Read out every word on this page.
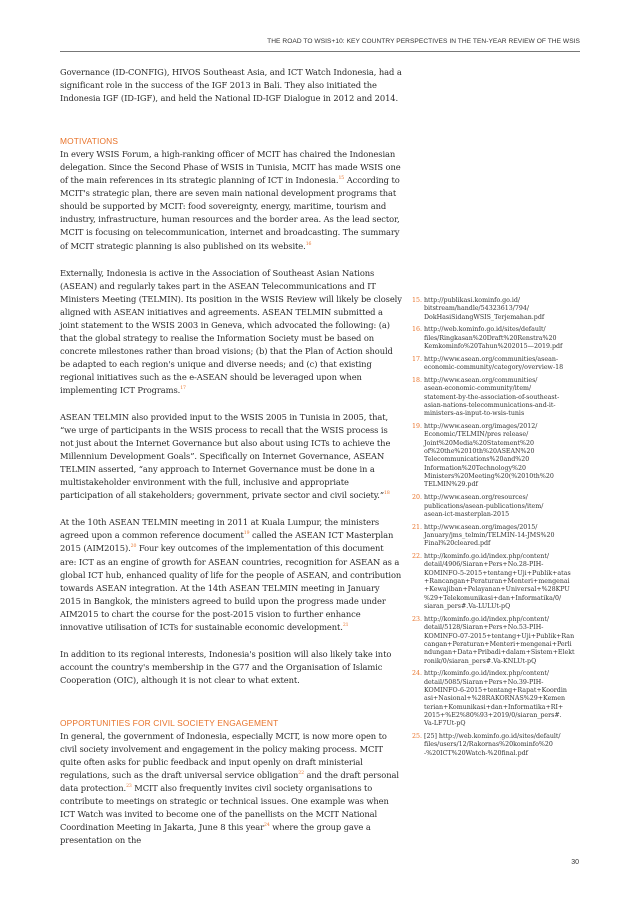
THE ROAD TO WSIS+10: KEY COUNTRY PERSPECTIVES IN THE TEN-YEAR REVIEW OF THE WSIS

Governance (ID-CONFIG), HIVOS Southeast Asia, and ICT Watch Indonesia, had a significant role in the success of the IGF 2013 in Bali. They also initiated the Indonesia IGF (ID-IGF), and held the National ID-IGF Dialogue in 2012 and 2014.

MOTIVATIONS

In every WSIS Forum, a high-ranking officer of MCIT has chaired the Indonesian delegation. Since the Second Phase of WSIS in Tunisia, MCIT has made WSIS one of the main references in its strategic planning of ICT in Indonesia.$^{15}$ According to MCIT's strategic plan, there are seven main national development programs that should be supported by MCIT: food sovereignty, energy, maritime, tourism and industry, infrastructure, human resources and the border area. As the lead sector, MCIT is focusing on telecommunication, internet and broadcasting. The summary of MCIT strategic planning is also published on its website.$^{16}$

Externally, Indonesia is active in the Association of Southeast Asian Nations (ASEAN) and regularly takes part in the ASEAN Telecommunications and IT Ministers Meeting (TELMIN). Its position in the WSIS Review will likely be closely aligned with ASEAN initiatives and agreements. ASEAN TELMIN submitted a joint statement to the WSIS 2003 in Geneva, which advocated the following: (a) that the global strategy to realise the Information Society must be based on concrete milestones rather than broad visions; (b) that the Plan of Action should be adapted to each region's unique and diverse needs; and (c) that existing regional initiatives such as the e-ASEAN should be leveraged upon when implementing ICT Programs.$^{17}$

ASEAN TELMIN also provided input to the WSIS 2005 in Tunisia in 2005, that, “we urge of participants in the WSIS process to recall that the WSIS process is not just about the Internet Governance but also about using ICTs to achieve the Millennium Development Goals”. Specifically on Internet Governance, ASEAN TELMIN asserted, “any approach to Internet Governance must be done in a multistakeholder environment with the full, inclusive and appropriate participation of all stakeholders; government, private sector and civil society.”$^{18}$

At the 10th ASEAN TELMIN meeting in 2011 at Kuala Lumpur, the ministers agreed upon a common reference document$^{19}$ called the ASEAN ICT Masterplan 2015 (AIM2015).$^{20}$ Four key outcomes of the implementation of this document are: ICT as an engine of growth for ASEAN countries, recognition for ASEAN as a global ICT hub, enhanced quality of life for the people of ASEAN, and contribution towards ASEAN integration. At the 14th ASEAN TELMIN meeting in January 2015 in Bangkok, the ministers agreed to build upon the progress made under AIM2015 to chart the course for the post-2015 vision to further enhance innovative utilisation of ICTs for sustainable economic development.$^{21}$

In addition to its regional interests, Indonesia's position will also likely take into account the country's membership in the G77 and the Organisation of Islamic Cooperation (OIC), although it is not clear to what extent.

OPPORTUNITIES FOR CIVIL SOCIETY ENGAGEMENT

In general, the government of Indonesia, especially MCIT, is now more open to civil society involvement and engagement in the policy making process. MCIT quite often asks for public feedback and input openly on draft ministerial regulations, such as the draft universal service obligation$^{22}$ and the draft personal data protection.$^{23}$ MCIT also frequently invites civil society organisations to contribute to meetings on strategic or technical issues. One example was when ICT Watch was invited to become one of the panellists on the MCIT National Coordination Meeting in Jakarta, June 8 this year$^{24}$ where the group gave a presentation on the

15. http://publikasi.kominfo.go.id/
bitstream/handle/54323613/794/
DokHasiSidangWSIS_Terjemahan.pdf
16. http://web.kominfo.go.id/sites/default/
files/Ringkasan%20Draft%20Renstra%20
Kemkominfo%20Tahun%202015—2019.pdf
17. http://www.asean.org/communities/asean-
economic-community/category/overview-18
18. http://www.asean.org/communities/
asean-economic-community/item/
statement-by-the-association-of-southeast-
asian-nations-telecommunications-and-it-
ministers-as-input-to-wsis-tunis
19. http://www.asean.org/images/2012/
Economic/TELMIN/pres release/
Joint%20Media%20Statement%20
of%20the%2010th%20ASEAN%20
Telecommunications%20and%20
Information%20Technology%20
Ministers%20Meeting%20(%2010th%20
TELMIN%29.pdf
20. http://www.asean.org/resources/
publications/asean-publications/item/
asean-ict-masterplan-2015
21. http://www.asean.org/images/2015/
January/jms_telmin/TELMIN-14-JMS%20
Final%20cleared.pdf
22. http://kominfo.go.id/index.php/content/
detail/4906/Siaran+Pers+No.28-PIH-
KOMINFO-5-2015+tentang+Uji+Publik+atas
+Rancangan+Peraturan+Menteri+mengenai
+Kewajiban+Pelayanan+Universal+%28KPU
%29+Telekomunikasi+dan+Informatika/0/
siaran_pers#.Va-LULUt-pQ
23. http://kominfo.go.id/index.php/content/
detail/5128/Siaran+Pers+No.53-PIH-
KOMINFO-07-2015+tentang+Uji+Publik+Ran
cangan+Peraturan+Menteri+mengenai+Perli
ndungan+Data+Pribadi+dalam+Sistem+Elekt
ronik/0/siaran_pers#.Va-KNLUt-pQ
24. http://kominfo.go.id/index.php/content/
detail/5085/Siaran+Pers+No.39-PIH-
KOMINFO-6-2015+tentang+Rapat+Koordin
asi+Nasional+%28RAKORNAS%29+Kemen
terian+Komunikasi+dan+Informatika+RI+
2015+%E2%80%93+2019/0/siaran_pers#.
Va-LF7Ut-pQ
25. [25] http://web.kominfo.go.id/sites/default/
files/users/12/Rakornas%20kominfo%20
-%20ICT%20Watch-%20final.pdf
30
